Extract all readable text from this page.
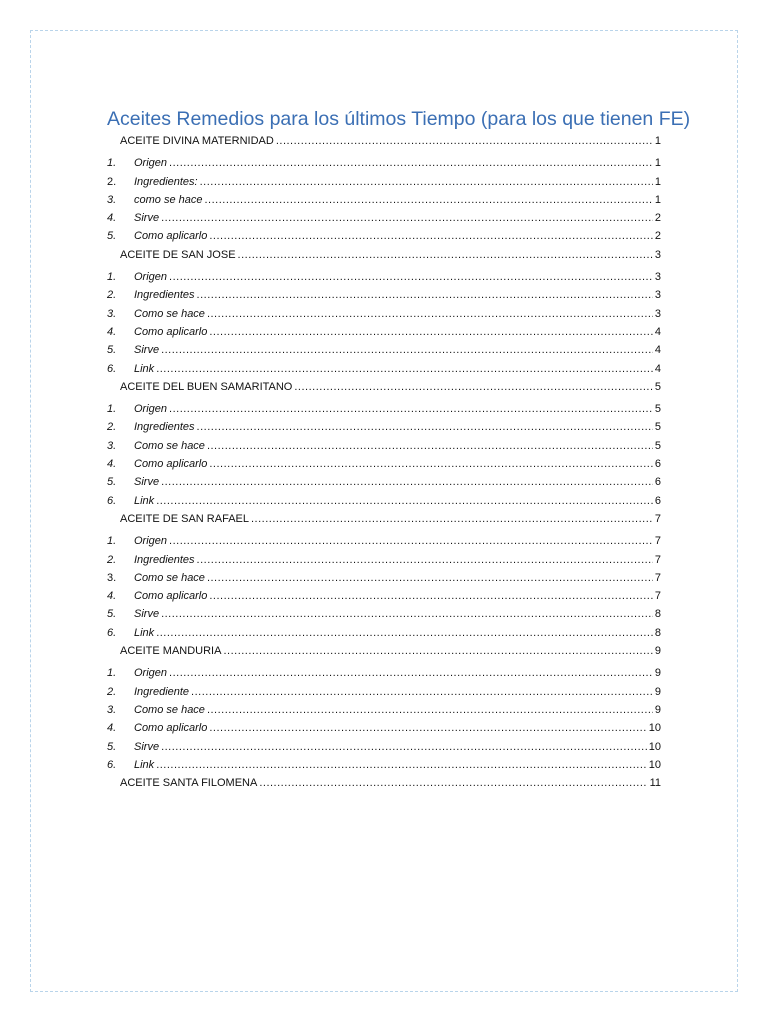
Aceites Remedios para los últimos Tiempo (para los que tienen FE)
ACEITE DIVINA MATERNIDAD .....	1
1.	Origen .....	1
2.	Ingredientes: .....	1
3.	como se hace .....	1
4.	Sirve .....	2
5.	Como aplicarlo .....	2
ACEITE DE SAN JOSE .....	3
1.	Origen .....	3
2.	Ingredientes .....	3
3.	Como se hace .....	3
4.	Como aplicarlo .....	4
5.	Sirve .....	4
6.	Link .....	4
ACEITE DEL BUEN SAMARITANO .....	5
1.	Origen .....	5
2.	Ingredientes .....	5
3.	Como se hace .....	5
4.	Como aplicarlo .....	6
5.	Sirve .....	6
6.	Link .....	6
ACEITE DE SAN RAFAEL .....	7
1.	Origen .....	7
2.	Ingredientes .....	7
3.	Como se hace .....	7
4.	Como aplicarlo .....	7
5.	Sirve .....	8
6.	Link .....	8
ACEITE MANDURIA .....	9
1.	Origen .....	9
2.	Ingrediente .....	9
3.	Como se hace .....	9
4.	Como aplicarlo .....	10
5.	Sirve .....	10
6.	Link .....	10
ACEITE SANTA FILOMENA .....	11
